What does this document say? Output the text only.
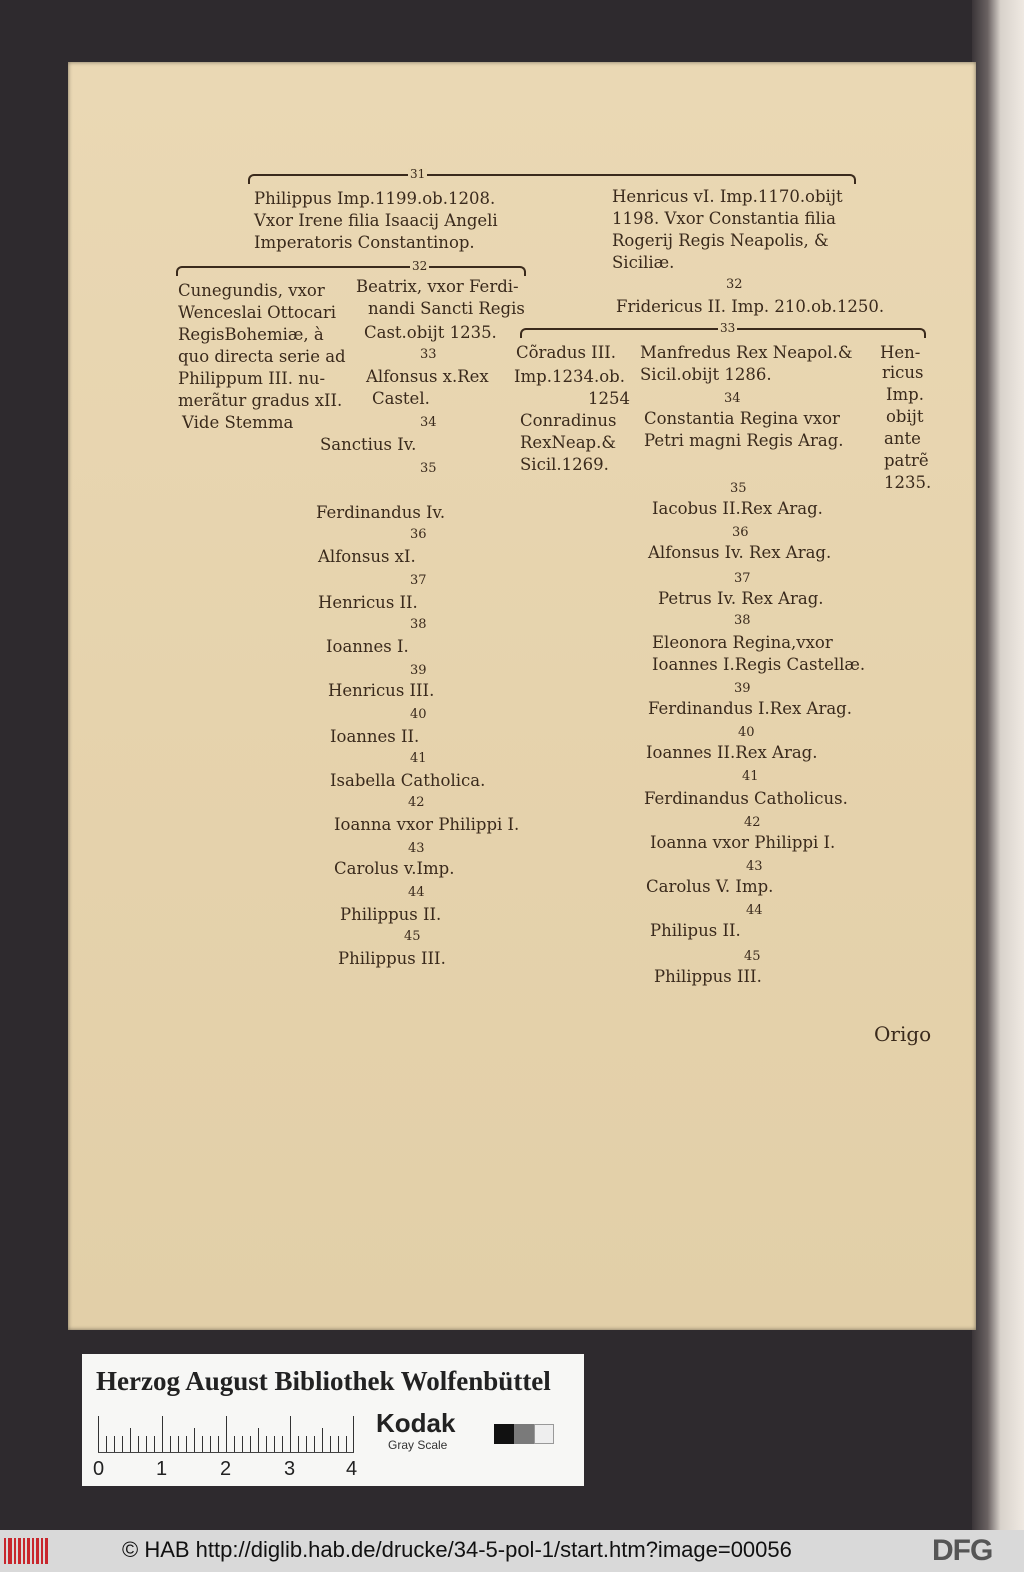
31
Philippus Imp.1199.ob.1208.
Vxor Irene filia Isaacij Angeli
Imperatoris Constantinop.
Henricus vI. Imp.1170.obijt
1198. Vxor Constantia filia
Rogerij Regis Neapolis, &
Siciliæ.
32
Cunegundis, vxor
Wenceslai Ottocari
RegisBohemiæ, à
quo directa serie ad
Philippum III. nu-
merãtur gradus xII.
Vide Stemma
Beatrix, vxor Ferdi-
nandi Sancti Regis
Cast.obijt 1235.
33
Alfonsus x.Rex
Castel.
34
Sanctius Iv.
35
Ferdinandus Iv.
36
Alfonsus xI.
37
Henricus II.
38
Ioannes I.
39
Henricus III.
40
Ioannes II.
41
Isabella Catholica.
42
Ioanna vxor Philippi I.
43
Carolus v.Imp.
44
Philippus II.
45
Philippus III.
32
Fridericus II. Imp. 210.ob.1250.
33
Cõradus III.
Imp.1234.ob.
1254
Conradinus
RexNeap.&
Sicil.1269.
Manfredus Rex Neapol.&
Sicil.obijt 1286.
34
Constantia Regina vxor
Petri magni Regis Arag.
Hen-
ricus
Imp.
obijt
ante
patrẽ
1235.
35
Iacobus II.Rex Arag.
36
Alfonsus Iv. Rex Arag.
37
Petrus Iv. Rex Arag.
38
Eleonora Regina,vxor
Ioannes I.Regis Castellæ.
39
Ferdinandus I.Rex Arag.
40
Ioannes II.Rex Arag.
41
Ferdinandus Catholicus.
42
Ioanna vxor Philippi I.
43
Carolus V. Imp.
44
Philipus II.
45
Philippus III.
Origo
Herzog August Bibliothek Wolfenbüttel
0	1	2	3	4
Kodak
Gray Scale
© HAB http://diglib.hab.de/drucke/34-5-pol-1/start.htm?image=00056	DFG
